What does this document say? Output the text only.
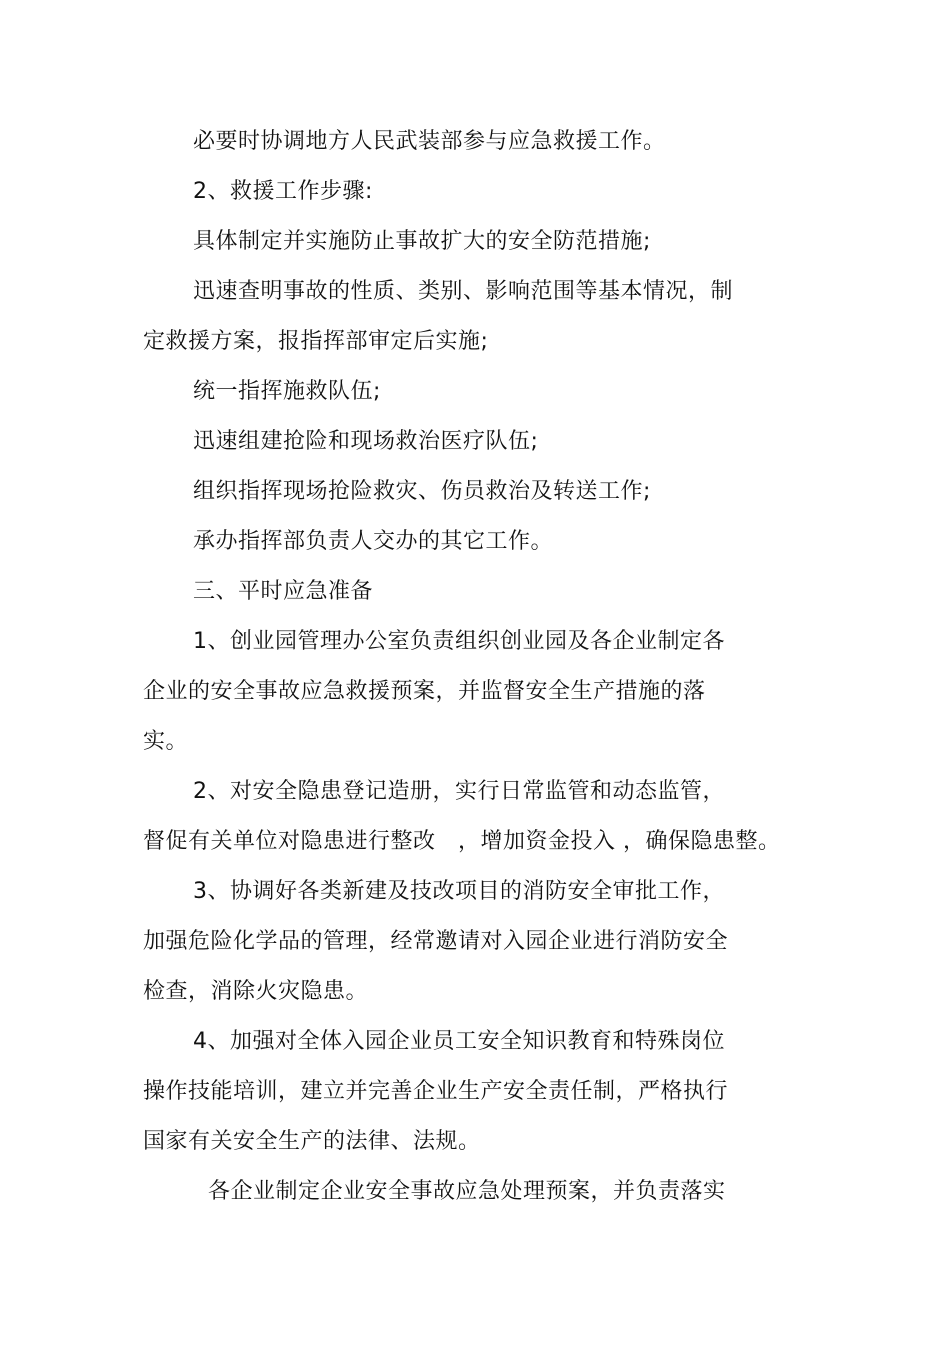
必要时协调地方人民武装部参与应急救援工作。
2、救援工作步骤:
具体制定并实施防止事故扩大的安全防范措施;
迅速查明事故的性质、类别、影响范围等基本情况，制
定救援方案，报指挥部审定后实施;
统一指挥施救队伍;
迅速组建抢险和现场救治医疗队伍;
组织指挥现场抢险救灾、伤员救治及转送工作;
承办指挥部负责人交办的其它工作。
三、平时应急准备
1、创业园管理办公室负责组织创业园及各企业制定各
企业的安全事故应急救援预案，并监督安全生产措施的落
实。
2、对安全隐患登记造册，实行日常监管和动态监管，
督促有关单位对隐患进行整改　，增加资金投入 ，确保隐患整。
3、协调好各类新建及技改项目的消防安全审批工作，
加强危险化学品的管理，经常邀请对入园企业进行消防安全
检查，消除火灾隐患。
4、加强对全体入园企业员工安全知识教育和特殊岗位
操作技能培训，建立并完善企业生产安全责任制，严格执行
国家有关安全生产的法律、法规。
各企业制定企业安全事故应急处理预案，并负责落实
